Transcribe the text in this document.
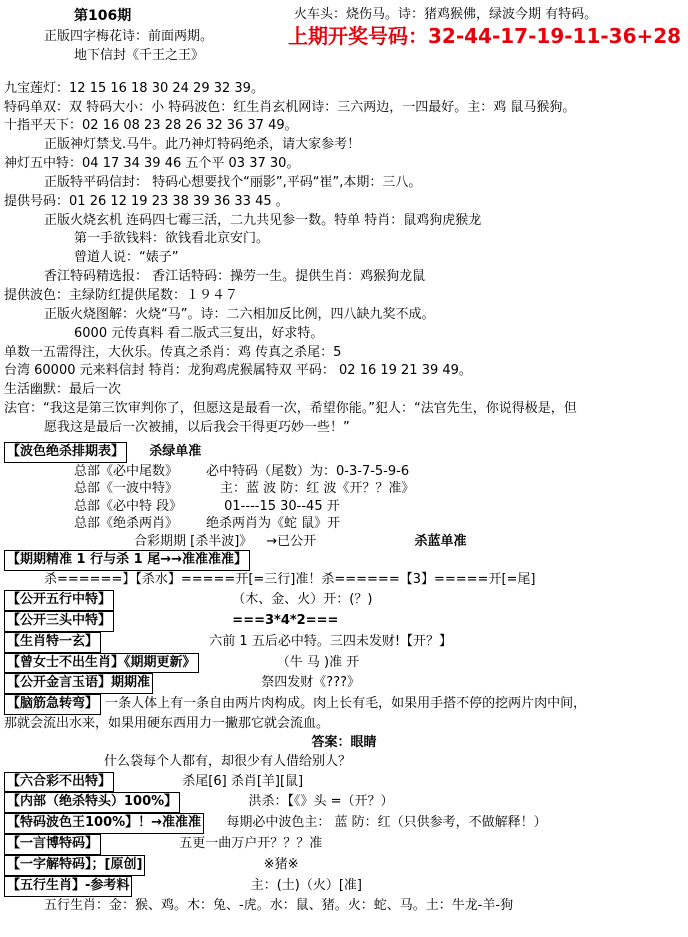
第106期	火车头：烧伤马。诗：猪鸡猴佛，绿波今期 有特码。
正版四字梅花诗：前面两期。
地下信封《千王之王》
上期开奖号码：32-44-17-19-11-36+28
九宝莲灯：12 15 16 18 30 24 29 32 39。
特码单双：双 特码大小：小 特码波色：红生肖玄机网诗：三六两边，一四最好。主：鸡 鼠马猴狗。
十指平天下：02 16 08 23 28 26 32 36 37 49。
正版神灯禁戈.马牛。此乃神灯特码绝杀，请大家参考！
神灯五中特：04 17 34 39 46 五个平 03 37 30。
正版特平码信封： 特码心想要找个“丽影”,平码“崔”,本期：三八。
提供号码：01 26 12 19 23 38 39 36 33 45 。
正版火烧玄机 连码四七霉三活，二九共见参一数。特单 特肖：鼠鸡狗虎猴龙
第一手欲钱料：欲钱看北京安门。
曾道人说：“婊子”
香江特码精选报： 香江话特码：操劳一生。提供生肖：鸡猴狗龙鼠
提供波色：主绿防红提供尾数：１９４７
正版火烧图解：火烧“马”。诗：二六相加反比例，四八缺九奖不成。
6000 元传真料 看二版式三复出，好求特。
单数一五需得注，大伙乐。传真之杀肖：鸡 传真之杀尾：5
台湾 60000 元来料信封 特肖：龙狗鸡虎猴属特双 平码： 02 16 19 21 39 49。
生活幽默：最后一次
法官：“我这是第三饮审判你了，但愿这是最看一次，希望你能。”犯人：“法官先生，你说得极是，但
愿我这是最后一次被捕，以后我会干得更巧妙一些！”
【波色绝杀排期表】 杀绿单准
总部《必中尾数》 必中特码（尾数）为：0-3-7-5-9-6
总部《一波中特》	主：蓝 波 防：红 波《开？？准》
总部《必中特 段》	01----15 30--45 开
总部《绝杀两肖》 绝杀两肖为《蛇 鼠》开
合彩期期 [杀半波]》 →已公开	杀蓝单准
【期期精准 1 行与杀 1 尾→→准准准准】
杀======】【杀水】=====开[=三行]准！杀======【3】=====开[=尾]
【公开五行中特】	（木、金、火）开：(？)
【公开三头中特】	===3*4*2===
【生肖特一玄】	六前 1 五后必中特。三四未发财!【开？】
【曾女士不出生肖】《期期更新》	（牛 马 )准 开
【公开金言玉语】期期准	祭四发财《???》
【脑筋急转弯】 一条人体上有一条自由两片肉构成。肉上长有毛，如果用手搭不停的挖两片肉中间，
那就会流出水来，如果用硬东西用力一撇那它就会流血。
答案：眼睛
什么袋每个人都有，却很少有人借给别人？
【六合彩不出特】	杀尾[6] 杀肖[羊][鼠]
【内部（绝杀特头）100%】	洪杀：【《》头 =（开？）
【特码波色王100%】！→准准准 每期必中波色主： 蓝 防：红（只供参考，不做解释！）
【一言博特码】	五更一曲万户开？？？准
【一字解特码】；[原创]	※猪※
【五行生肖】-参考料	主：(土)（火）[准]
五行生肖：金：猴、鸡。木：兔、-虎。水：鼠、猪。火：蛇、马。土：牛龙-羊-狗
